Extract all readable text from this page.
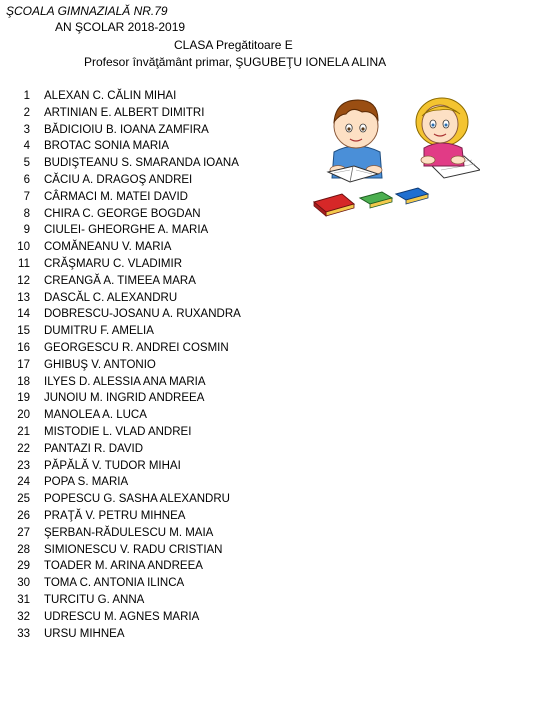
ŞCOALA GIMNAZIALĂ NR.79
AN ŞCOLAR 2018-2019
CLASA Pregătitoare E
Profesor învăţământ primar, ŞUGUBEŢU IONELA ALINA
1 ALEXAN C. CĂLIN MIHAI
2 ARTINIAN E. ALBERT DIMITRI
3 BĂDICIOIU B. IOANA ZAMFIRA
4 BROTAC SONIA MARIA
5 BUDIŞTEANU S. SMARANDA IOANA
6 CĂCIU A. DRAGOŞ ANDREI
7 CÂRMACI M. MATEI DAVID
8 CHIRA C. GEORGE BOGDAN
9 CIULEI- GHEORGHE A. MARIA
10 COMĂNEANU V. MARIA
11 CRĂŞMARU C. VLADIMIR
12 CREANGĂ A. TIMEEA MARA
13 DASCĂL C. ALEXANDRU
14 DOBRESCU-JOSANU A. RUXANDRA
15 DUMITRU F. AMELIA
16 GEORGESCU R. ANDREI COSMIN
17 GHIBUŞ V. ANTONIO
18 ILYES D. ALESSIA ANA MARIA
19 JUNOIU M. INGRID ANDREEA
20 MANOLEA A. LUCA
21 MISTODIE L. VLAD ANDREI
22 PANTAZI R. DAVID
23 PĂPĂLĂ V. TUDOR MIHAI
24 POPA S. MARIA
25 POPESCU G. SASHA ALEXANDRU
26 PRAŢĂ V. PETRU MIHNEA
27 ŞERBAN-RĂDULESCU M. MAIA
28 SIMIONESCU V. RADU CRISTIAN
29 TOADER M. ARINA ANDREEA
30 TOMA C. ANTONIA ILINCA
31 TURCITU G. ANNA
32 UDRESCU M. AGNES MARIA
33 URSU MIHNEA
